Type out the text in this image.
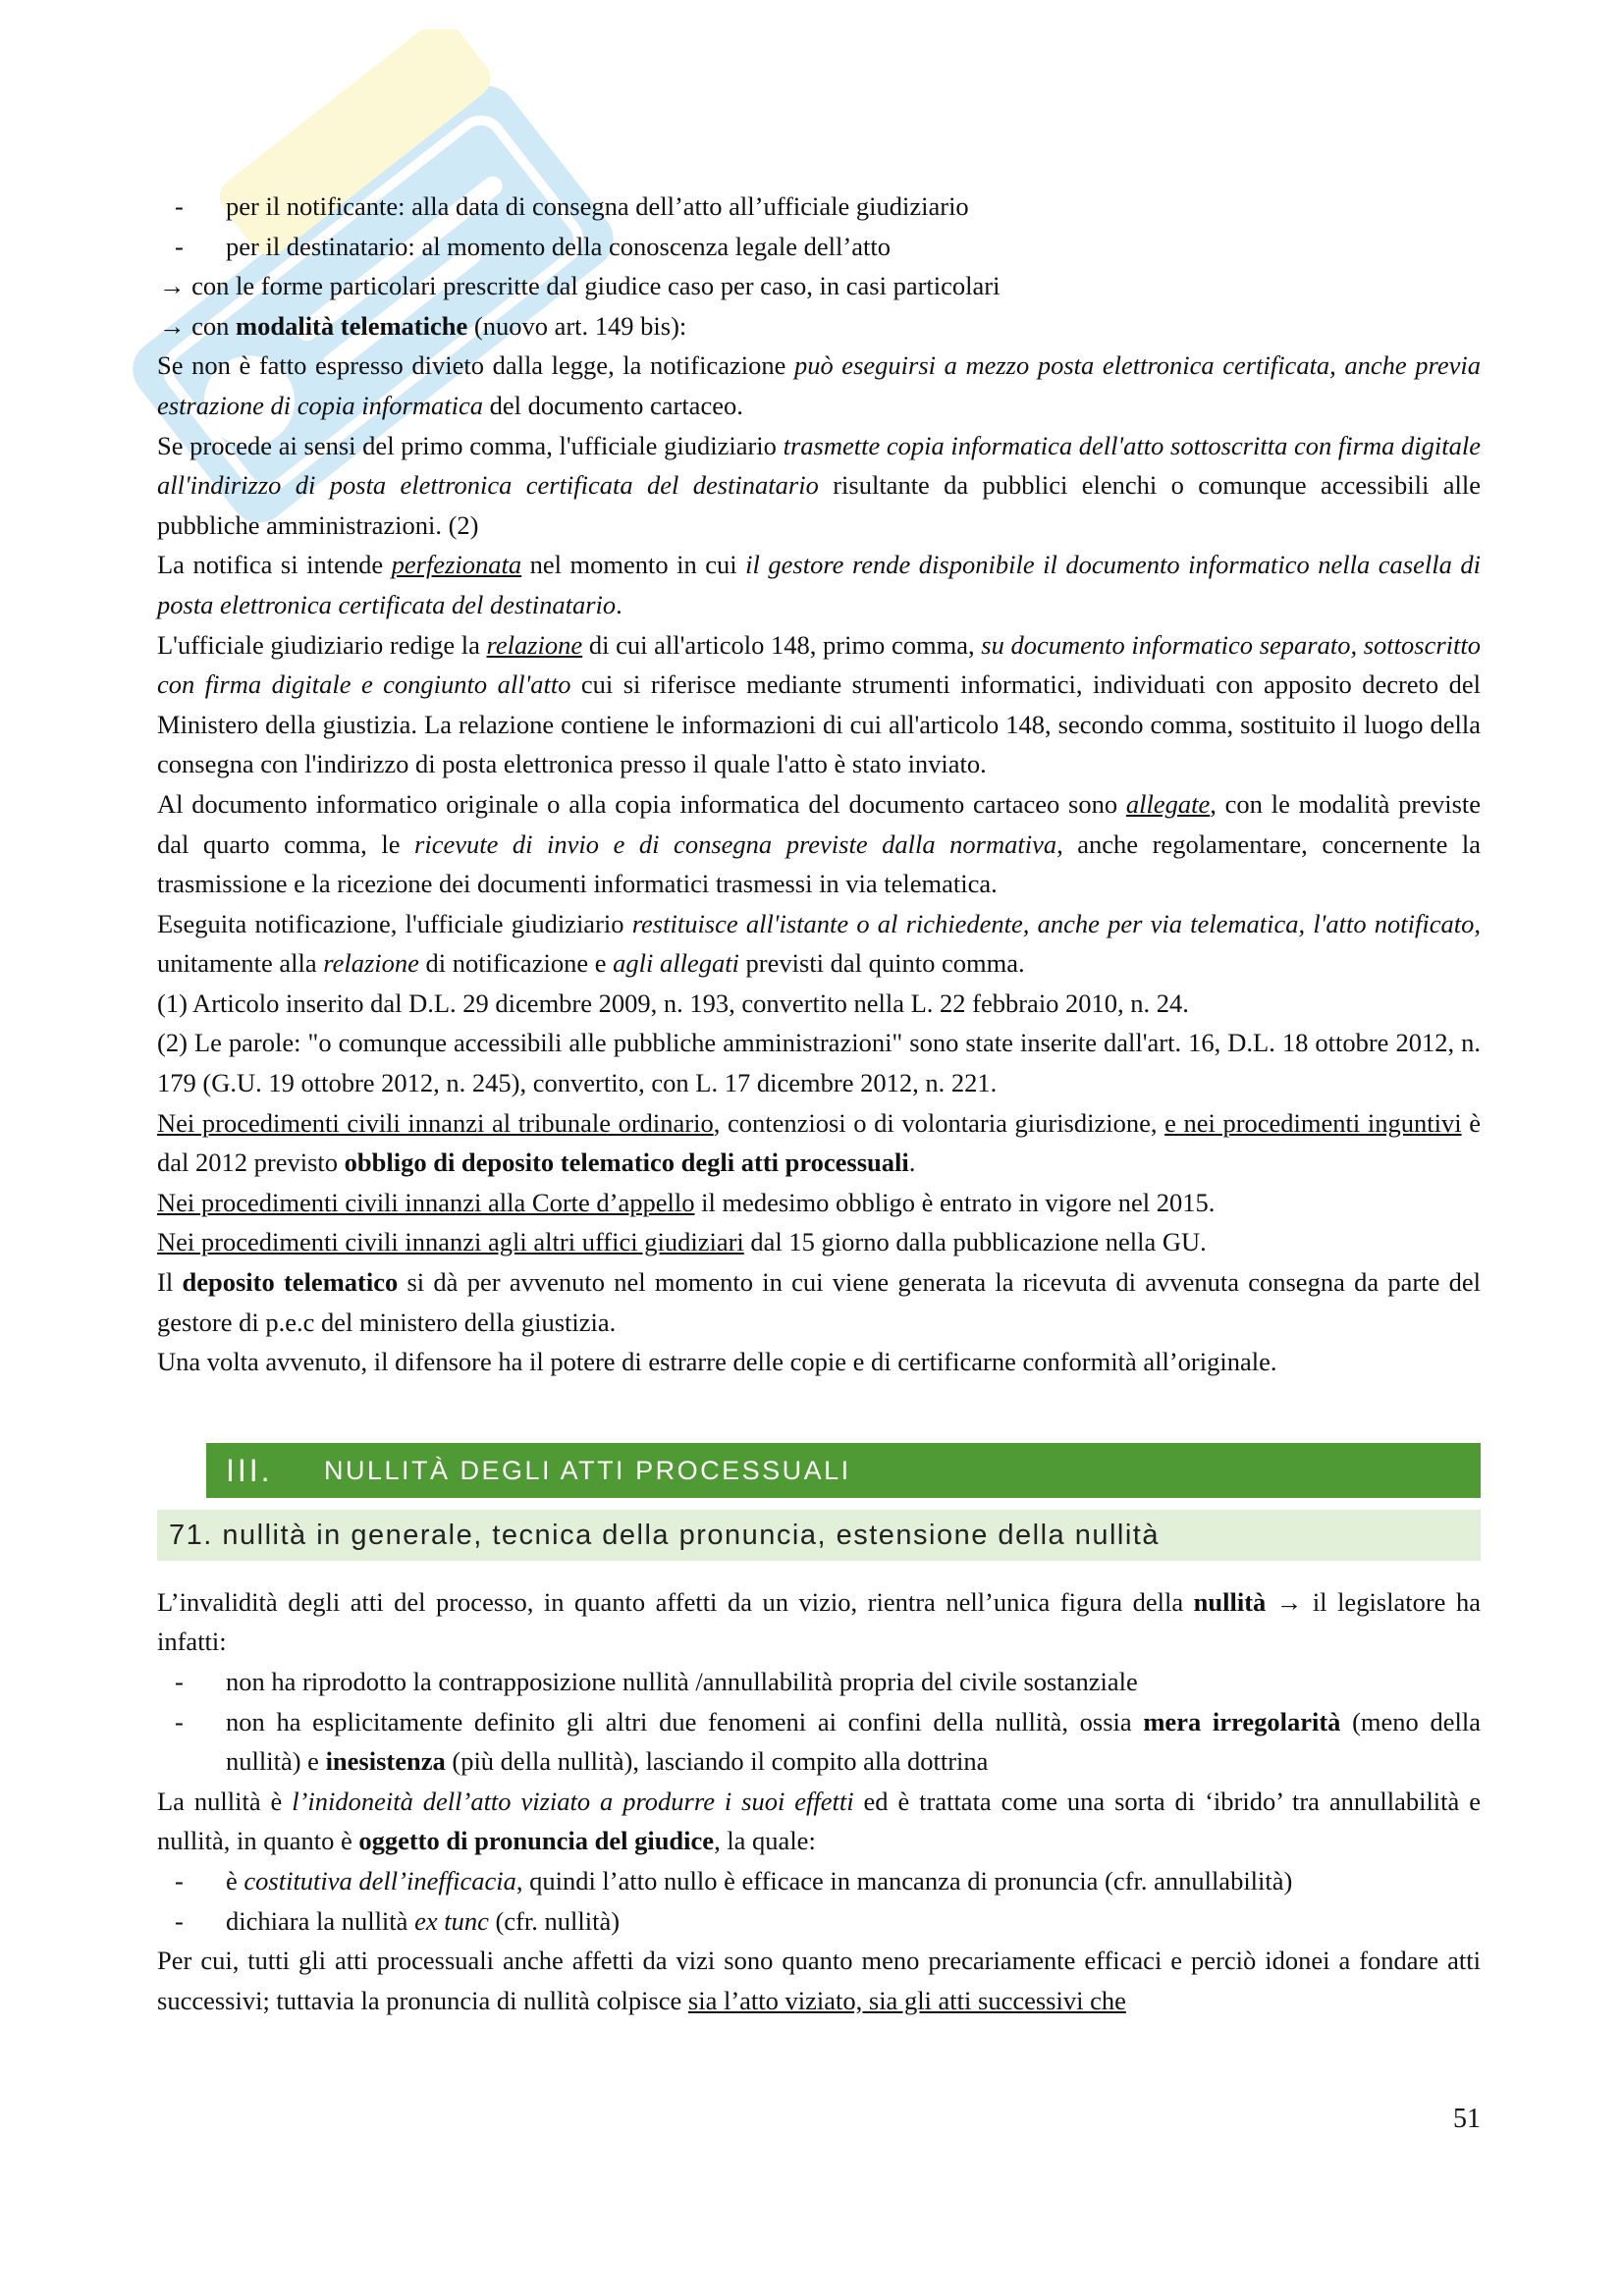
- per il notificante: alla data di consegna dell’atto all’ufficiale giudiziario

- per il destinatario: al momento della conoscenza legale dell’atto

→ con le forme particolari prescritte dal giudice caso per caso, in casi particolari

→ con modalità telematiche (nuovo art. 149 bis):

Se non è fatto espresso divieto dalla legge, la notificazione può eseguirsi a mezzo posta elettronica certificata, anche previa estrazione di copia informatica del documento cartaceo.

Se procede ai sensi del primo comma, l'ufficiale giudiziario trasmette copia informatica dell'atto sottoscritta con firma digitale all'indirizzo di posta elettronica certificata del destinatario risultante da pubblici elenchi o comunque accessibili alle pubbliche amministrazioni. (2)

La notifica si intende perfezionata nel momento in cui il gestore rende disponibile il documento informatico nella casella di posta elettronica certificata del destinatario.

L'ufficiale giudiziario redige la relazione di cui all'articolo 148, primo comma, su documento informatico separato, sottoscritto con firma digitale e congiunto all'atto cui si riferisce mediante strumenti informatici, individuati con apposito decreto del Ministero della giustizia. La relazione contiene le informazioni di cui all'articolo 148, secondo comma, sostituito il luogo della consegna con l'indirizzo di posta elettronica presso il quale l'atto è stato inviato.

Al documento informatico originale o alla copia informatica del documento cartaceo sono allegate, con le modalità previste dal quarto comma, le ricevute di invio e di consegna previste dalla normativa, anche regolamentare, concernente la trasmissione e la ricezione dei documenti informatici trasmessi in via telematica.

Eseguita notificazione, l'ufficiale giudiziario restituisce all'istante o al richiedente, anche per via telematica, l'atto notificato, unitamente alla relazione di notificazione e agli allegati previsti dal quinto comma.

(1) Articolo inserito dal D.L. 29 dicembre 2009, n. 193, convertito nella L. 22 febbraio 2010, n. 24.

(2) Le parole: "o comunque accessibili alle pubbliche amministrazioni" sono state inserite dall'art. 16, D.L. 18 ottobre 2012, n. 179 (G.U. 19 ottobre 2012, n. 245), convertito, con L. 17 dicembre 2012, n. 221.

Nei procedimenti civili innanzi al tribunale ordinario, contenziosi o di volontaria giurisdizione, e nei procedimenti inguntivi è dal 2012 previsto obbligo di deposito telematico degli atti processuali.

Nei procedimenti civili innanzi alla Corte d’appello il medesimo obbligo è entrato in vigore nel 2015.

Nei procedimenti civili innanzi agli altri uffici giudiziari dal 15 giorno dalla pubblicazione nella GU.

Il deposito telematico si dà per avvenuto nel momento in cui viene generata la ricevuta di avvenuta consegna da parte del gestore di p.e.c del ministero della giustizia.

Una volta avvenuto, il difensore ha il potere di estrarre delle copie e di certificarne conformità all’originale.

III.	NULLITÀ DEGLI ATTI PROCESSUALI
71. nullità in generale, tecnica della pronuncia, estensione della nullità

L’invalidità degli atti del processo, in quanto affetti da un vizio, rientra nell’unica figura della nullità → il legislatore ha infatti:

- non ha riprodotto la contrapposizione nullità /annullabilità propria del civile sostanziale

- non ha esplicitamente definito gli altri due fenomeni ai confini della nullità, ossia mera irregolarità (meno della nullità) e inesistenza (più della nullità), lasciando il compito alla dottrina

La nullità è l’inidoneità dell’atto viziato a produrre i suoi effetti ed è trattata come una sorta di ‘ibrido’ tra annullabilità e nullità, in quanto è oggetto di pronuncia del giudice, la quale:

- è costitutiva dell’inefficacia, quindi l’atto nullo è efficace in mancanza di pronuncia (cfr. annullabilità)

- dichiara la nullità ex tunc (cfr. nullità)

Per cui, tutti gli atti processuali anche affetti da vizi sono quanto meno precariamente efficaci e perciò idonei a fondare atti successivi; tuttavia la pronuncia di nullità colpisce sia l’atto viziato, sia gli atti successivi che

51
